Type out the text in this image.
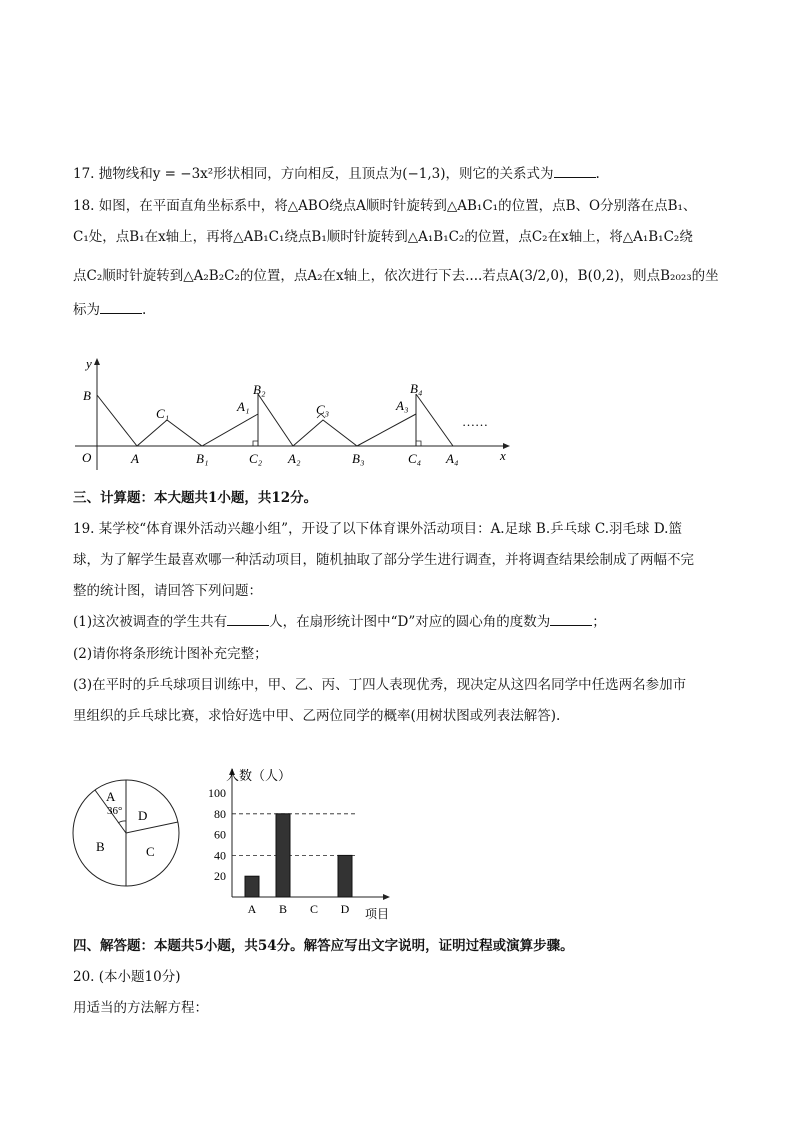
17. 抛物线和y = −3x²形状相同，方向相反，且顶点为(−1,3)，则它的关系式为	.
18. 如图，在平面直角坐标系中，将△ABO绕点A顺时针旋转到△AB₁C₁的位置，点B、O分别落在点B₁、
C₁处，点B₁在x轴上，再将△AB₁C₁绕点B₁顺时针旋转到△A₁B₁C₂的位置，点C₂在x轴上，将△A₁B₁C₂绕
点C₂顺时针旋转到△A₂B₂C₂的位置，点A₂在x轴上，依次进行下去....若点A(3/2,0)，B(0,2)，则点B₂₀₂₃的坐
标为	.
y
x
O
……
B
C₁
A	B₁
A₁
B₂
C₂ A₂
C₃
B₃
A₃
B₄
C₄ A₄
三、计算题：本大题共1小题，共12分。
19. 某学校“体育课外活动兴趣小组”，开设了以下体育课外活动项目：A.足球 B.乒乓球 C.羽毛球 D.篮
球，为了解学生最喜欢哪一种活动项目，随机抽取了部分学生进行调查，并将调查结果绘制成了两幅不完
整的统计图，请回答下列问题：
(1)这次被调查的学生共有	人，在扇形统计图中“D”对应的圆心角的度数为	；
(2)请你将条形统计图补充完整；
(3)在平时的乒乓球项目训练中，甲、乙、丙、丁四人表现优秀，现决定从这四名同学中任选两名参加市
里组织的乒乓球比赛，求恰好选中甲、乙两位同学的概率(用树状图或列表法解答).
A
36°
B	C
D
人数（人）
项目
20
40
60
80
100
A B C D
四、解答题：本题共5小题，共54分。解答应写出文字说明，证明过程或演算步骤。
20. (本小题10分)
用适当的方法解方程：
